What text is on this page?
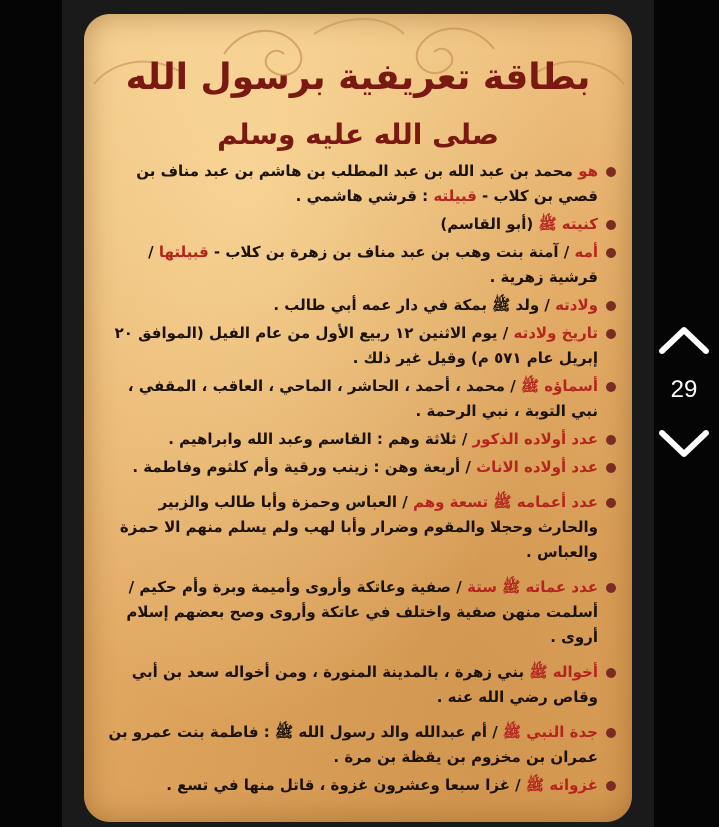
بطاقة تعريفية برسول الله
صلى الله عليه وسلم
هو محمد بن عبد الله بن عبد المطلب بن هاشم بن عبد مناف بن قصي بن كلاب - قبيلته : قرشي هاشمي .
كنيته ﷺ (أبو القاسم)
أمه / آمنة بنت وهب بن عبد مناف بن زهرة بن كلاب - قبيلتها / قرشية زهرية .
ولادته / ولد ﷺ بمكة في دار عمه أبي طالب .
تاريخ ولادته / يوم الاثنين ١٢ ربيع الأول من عام الفيل (الموافق ٢٠ إبريل عام ٥٧١ م) وقيل غير ذلك .
أسماؤه ﷺ / محمد ، أحمد ، الحاشر ، الماحي ، العاقب ، المقفي ، نبي التوبة ، نبي الرحمة .
عدد أولاده الذكور / ثلاثة وهم : القاسم وعبد الله وابراهيم .
عدد أولاده الاناث / أربعة وهن : زينب ورقية وأم كلثوم وفاطمة .
عدد أعمامه ﷺ تسعة وهم / العباس وحمزة وأبا طالب والزبير والحارث وحجلا والمقوم وضرار وأبا لهب ولم يسلم منهم الا حمزة والعباس .
عدد عماته ﷺ ستة / صفية وعاتكة وأروى وأميمة وبرة وأم حكيم / أسلمت منهن صفية واختلف في عاتكة وأروى وصح بعضهم إسلام أروى .
أخواله ﷺ بني زهرة ، بالمدينة المنورة ، ومن أخواله سعد بن أبي وقاص رضي الله عنه .
جدة النبي ﷺ / أم عبدالله والد رسول الله ﷺ : فاطمة بنت عمرو بن عمران بن مخزوم بن يقظة بن مرة .
غزواته ﷺ / غزا سبعا وعشرون غزوة ، قاتل منها في تسع .
29
